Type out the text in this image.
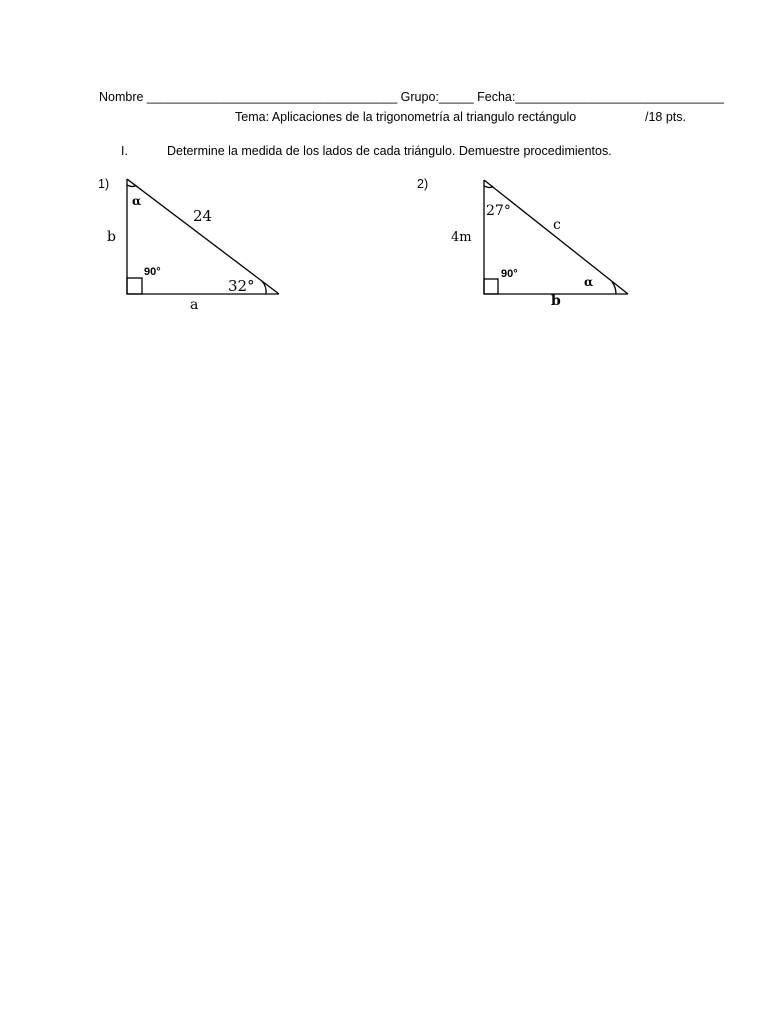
Nombre ____________________________________ Grupo:_____ Fecha:______________________________
Tema: Aplicaciones de la trigonometría al triangulo rectángulo	/18 pts.
I.	Determine la medida de los lados de cada triángulo. Demuestre procedimientos.
1)
α
b
24
90°
32°
a
2)
27°
4m
c
90°
α
b
